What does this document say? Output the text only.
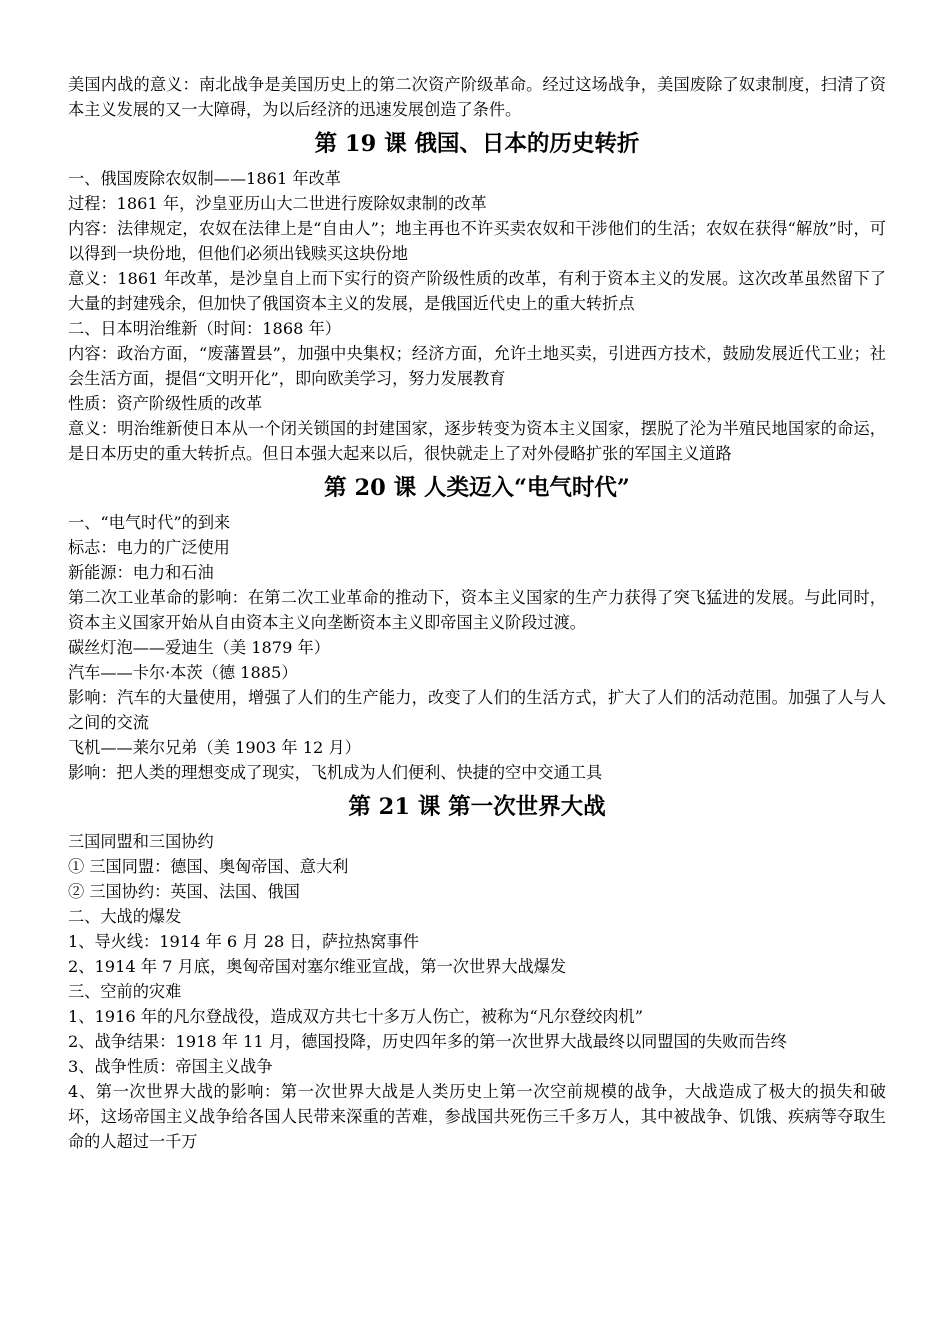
美国内战的意义：南北战争是美国历史上的第二次资产阶级革命。经过这场战争，美国废除了奴隶制度，扫清了资本主义发展的又一大障碍，为以后经济的迅速发展创造了条件。

第 19 课 俄国、日本的历史转折

一、俄国废除农奴制——1861 年改革

过程：1861 年，沙皇亚历山大二世进行废除奴隶制的改革

内容：法律规定，农奴在法律上是“自由人”；地主再也不许买卖农奴和干涉他们的生活；农奴在获得“解放”时，可以得到一块份地，但他们必须出钱赎买这块份地

意义：1861 年改革，是沙皇自上而下实行的资产阶级性质的改革，有利于资本主义的发展。这次改革虽然留下了大量的封建残余，但加快了俄国资本主义的发展，是俄国近代史上的重大转折点

二、日本明治维新（时间：1868 年）

内容：政治方面，“废藩置县”，加强中央集权；经济方面，允许土地买卖，引进西方技术，鼓励发展近代工业；社会生活方面，提倡“文明开化”，即向欧美学习，努力发展教育

性质：资产阶级性质的改革

意义：明治维新使日本从一个闭关锁国的封建国家，逐步转变为资本主义国家，摆脱了沦为半殖民地国家的命运，是日本历史的重大转折点。但日本强大起来以后，很快就走上了对外侵略扩张的军国主义道路

第 20 课 人类迈入“电气时代”

一、“电气时代”的到来

标志：电力的广泛使用

新能源：电力和石油

第二次工业革命的影响：在第二次工业革命的推动下，资本主义国家的生产力获得了突飞猛进的发展。与此同时，资本主义国家开始从自由资本主义向垄断资本主义即帝国主义阶段过渡。

碳丝灯泡——爱迪生（美 1879 年）

汽车——卡尔·本茨（德 1885）

影响：汽车的大量使用，增强了人们的生产能力，改变了人们的生活方式，扩大了人们的活动范围。加强了人与人之间的交流

飞机——莱尔兄弟（美 1903 年 12 月）

影响：把人类的理想变成了现实，飞机成为人们便利、快捷的空中交通工具

第 21 课 第一次世界大战

三国同盟和三国协约

① 三国同盟：德国、奥匈帝国、意大利

② 三国协约：英国、法国、俄国

二、大战的爆发

1、导火线：1914 年 6 月 28 日，萨拉热窝事件

2、1914 年 7 月底，奥匈帝国对塞尔维亚宣战，第一次世界大战爆发

三、空前的灾难

1、1916 年的凡尔登战役，造成双方共七十多万人伤亡，被称为“凡尔登绞肉机”

2、战争结果：1918 年 11 月，德国投降，历史四年多的第一次世界大战最终以同盟国的失败而告终

3、战争性质：帝国主义战争

4、第一次世界大战的影响：第一次世界大战是人类历史上第一次空前规模的战争，大战造成了极大的损失和破坏，这场帝国主义战争给各国人民带来深重的苦难，参战国共死伤三千多万人，其中被战争、饥饿、疾病等夺取生命的人超过一千万
